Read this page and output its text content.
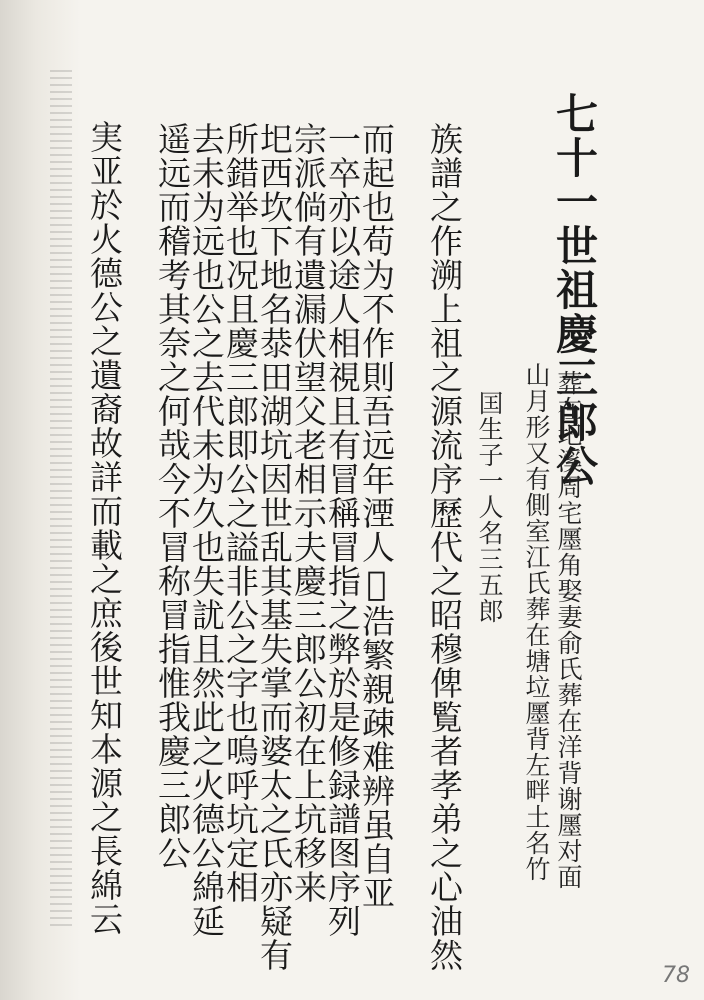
七十一世祖慶三郎公
葬在圯溪周宅㕓角娶妻俞氏葬在洋背谢㕓对面
山月形又有側室江氏葬在塘垃㕓背左畔土名竹
囯生子一人名三五郎
族譜之作溯上祖之源流序歷代之昭穆俾覧者孝弟之心油然
而起也苟为不作則吾远年湮人𠉀浩繁親疎难辨虽自亚
一卒亦以途人相視且有冒稱冒指之弊於是修録譜图序列
宗派倘有遺漏伏望父老相示夫慶三郎公初在上坑移来
圯西坎下地名㳟田湖坑因世乱其基失掌而婆太之氏亦疑有
所錯举也况且慶三郎即公之謚非公之字也嗚呼坑定相
去未为远也公之去代未为久也失訧且然此之火德公綿延
遥远而稽考其奈之何哉今不冒称冒指惟我慶三郎公
実亚於火德公之遺裔故詳而載之庶後世知本源之長綿云
78
